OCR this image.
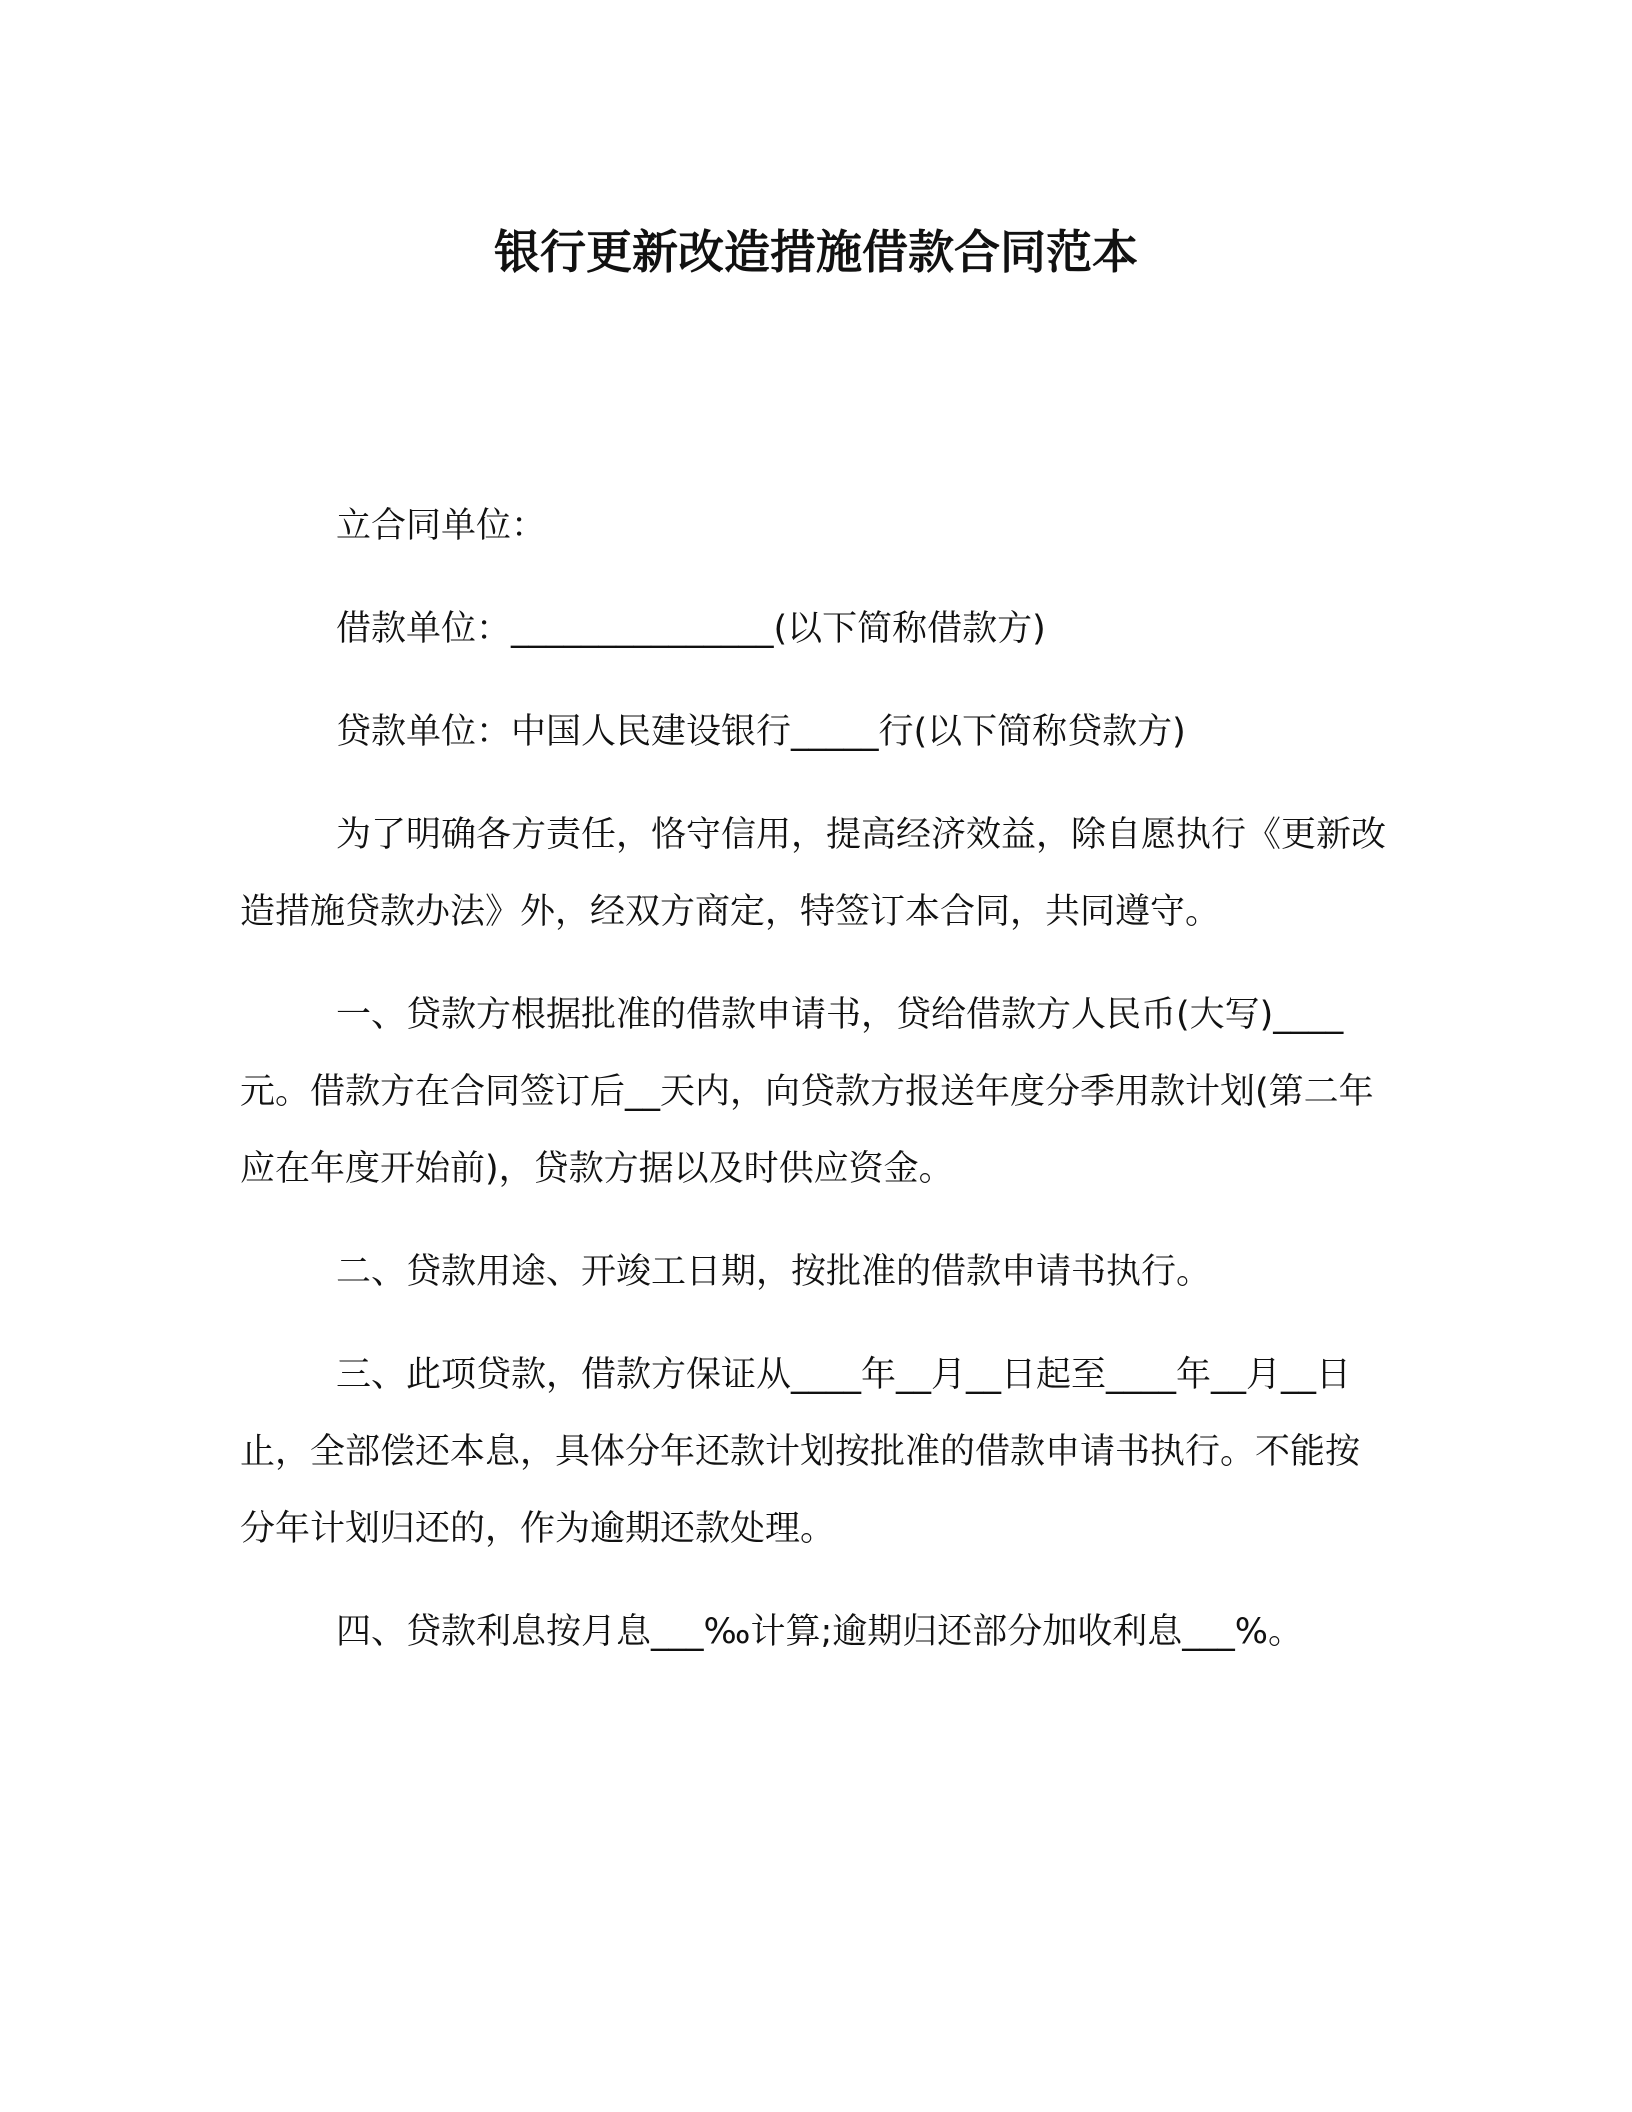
银行更新改造措施借款合同范本

立合同单位：

借款单位：_______________(以下简称借款方)

贷款单位：中国人民建设银行_____行(以下简称贷款方)

为了明确各方责任，恪守信用，提高经济效益，除自愿执行《更新改造措施贷款办法》外，经双方商定，特签订本合同，共同遵守。

一、贷款方根据批准的借款申请书，贷给借款方人民币(大写)____元。借款方在合同签订后__天内，向贷款方报送年度分季用款计划(第二年应在年度开始前)，贷款方据以及时供应资金。

二、贷款用途、开竣工日期，按批准的借款申请书执行。

三、此项贷款，借款方保证从____年__月__日起至____年__月__日止，全部偿还本息，具体分年还款计划按批准的借款申请书执行。不能按分年计划归还的，作为逾期还款处理。

四、贷款利息按月息___‰计算;逾期归还部分加收利息___%。
